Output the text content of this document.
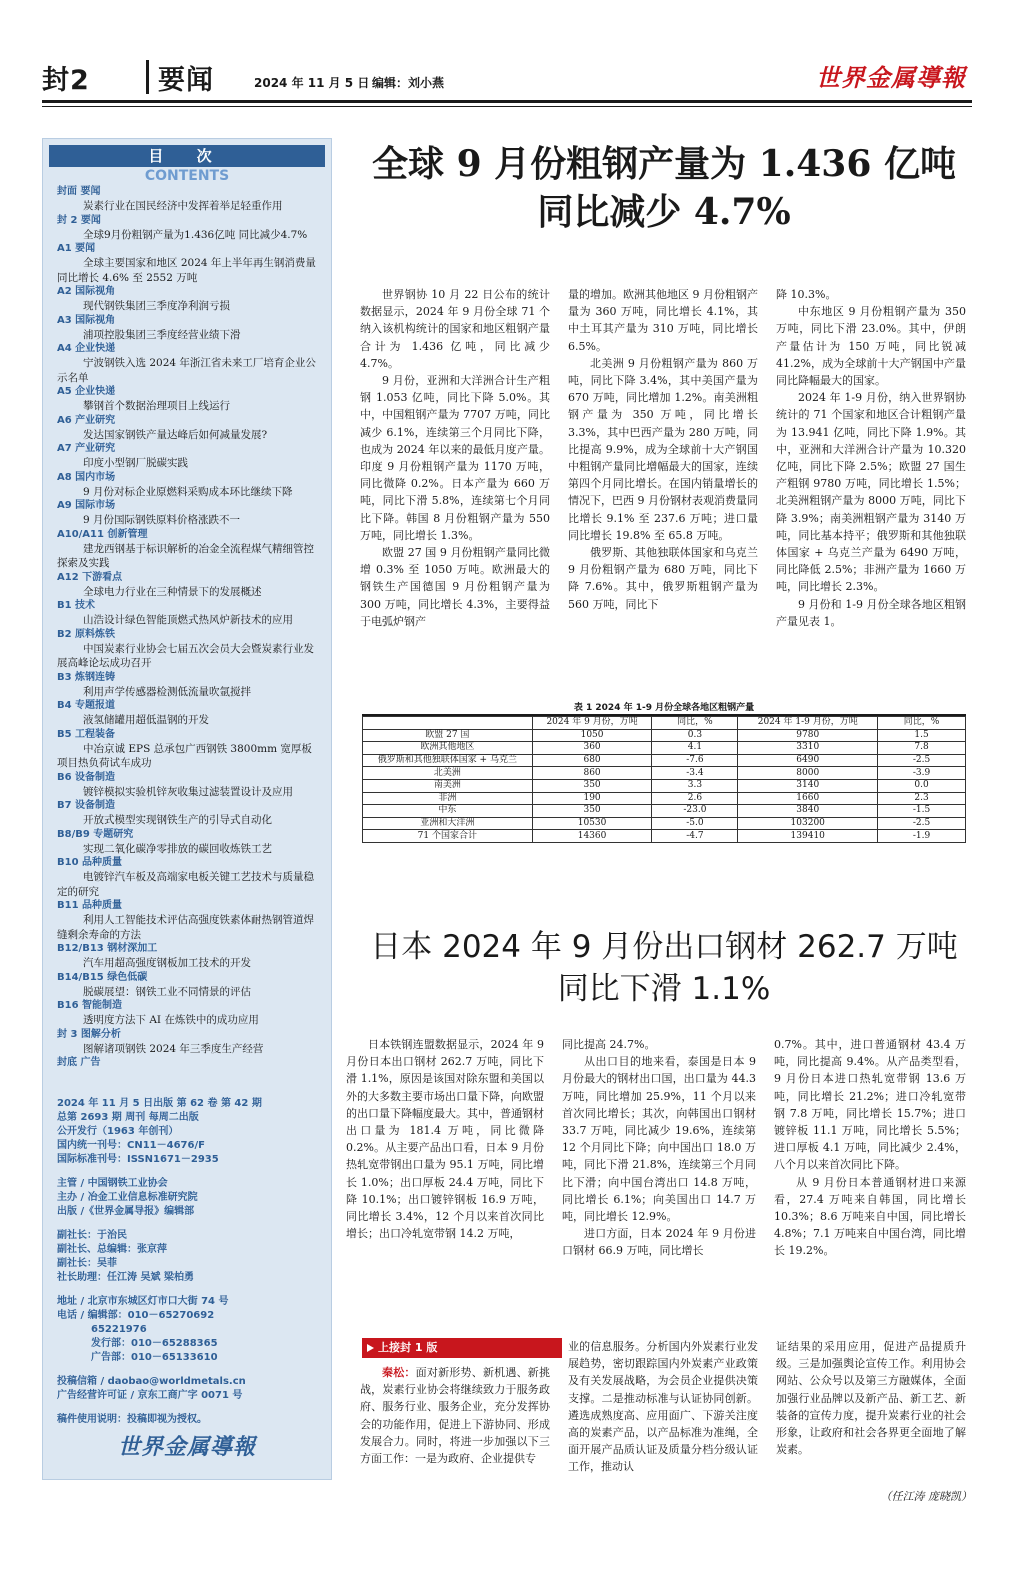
封2	要闻	2024 年 11 月 5 日 编辑：刘小燕	世界金属導報
目 次
CONTENTS
封面 要闻
炭素行业在国民经济中发挥着举足轻重作用
封 2 要闻
全球9月份粗钢产量为1.436亿吨 同比减少4.7%
A1 要闻
全球主要国家和地区 2024 年上半年再生钢消费量同比增长 4.6% 至 2552 万吨
A2 国际视角
现代钢铁集团三季度净利润亏损
A3 国际视角
浦项控股集团三季度经营业绩下滑
A4 企业快递
宁波钢铁入选 2024 年浙江省未来工厂培育企业公示名单
A5 企业快递
攀钢首个数据治理项目上线运行
A6 产业研究
发达国家钢铁产量达峰后如何减量发展?
A7 产业研究
印度小型钢厂脱碳实践
A8 国内市场
9 月份对标企业原燃料采购成本环比继续下降
A9 国际市场
9 月份国际钢铁原料价格涨跌不一
A10/A11 创新管理
建龙西钢基于标识解析的冶金全流程煤气精细管控探索及实践
A12 下游看点
全球电力行业在三种情景下的发展概述
B1 技术
山浩设计绿色智能顶燃式热风炉新技术的应用
B2 原料炼铁
中国炭素行业协会七届五次会员大会暨炭素行业发展高峰论坛成功召开
B3 炼钢连铸
利用声学传感器检测低流量吹氩搅拌
B4 专题报道
液氢储罐用超低温钢的开发
B5 工程装备
中冶京诚 EPS 总承包广西钢铁 3800mm 宽厚板项目热负荷试车成功
B6 设备制造
镀锌模拟实验机锌灰收集过滤装置设计及应用
B7 设备制造
开放式模型实现钢铁生产的引导式自动化
B8/B9 专题研究
实现二氧化碳净零排放的碳回收炼铁工艺
B10 品种质量
电镀锌汽车板及高端家电板关键工艺技术与质量稳定的研究
B11 品种质量
利用人工智能技术评估高强度铁素体耐热钢管道焊缝剩余寿命的方法
B12/B13 钢材深加工
汽车用超高强度钢板加工技术的开发
B14/B15 绿色低碳
脱碳展望：钢铁工业不同情景的评估
B16 智能制造
透明度方法下 AI 在炼铁中的成功应用
封 3 图解分析
图解诸项钢铁 2024 年三季度生产经营
封底 广告
2024 年 11 月 5 日出版 第 62 卷 第 42 期
总第 2693 期 周刊 每周二出版
公开发行（1963 年创刊）
国内统一刊号：CN11－4676/F
国际标准刊号：ISSN1671－2935
主管 / 中国钢铁工业协会
主办 / 冶金工业信息标准研究院
出版 /《世界金属导报》编辑部
副社长：于治民
副社长、总编辑：张京萍
副社长：吴菲
社长助理：任江涛 吴斌 梁柏勇
地址 / 北京市东城区灯市口大街 74 号
电话 / 编辑部：010－65270692
65221976
发行部：010－65288365
广告部：010－65133610
投稿信箱 / daobao@worldmetals.cn
广告经营许可证 / 京东工商广字 0071 号
稿件使用说明：投稿即视为授权。
世界金属導報
全球 9 月份粗钢产量为 1.436 亿吨
同比减少 4.7%

世界钢协 10 月 22 日公布的统计数据显示，2024 年 9 月份全球 71 个纳入该机构统计的国家和地区粗钢产量合计为 1.436 亿吨，同比减少 4.7%。

9 月份，亚洲和大洋洲合计生产粗钢 1.053 亿吨，同比下降 5.0%。其中，中国粗钢产量为 7707 万吨，同比减少 6.1%，连续第三个月同比下降，也成为 2024 年以来的最低月度产量。印度 9 月份粗钢产量为 1170 万吨，同比微降 0.2%。日本产量为 660 万吨，同比下滑 5.8%，连续第七个月同比下降。韩国 8 月份粗钢产量为 550 万吨，同比增长 1.3%。

欧盟 27 国 9 月份粗钢产量同比微增 0.3% 至 1050 万吨。欧洲最大的钢铁生产国德国 9 月份粗钢产量为 300 万吨，同比增长 4.3%，主要得益于电弧炉钢产

量的增加。欧洲其他地区 9 月份粗钢产量为 360 万吨，同比增长 4.1%，其中土耳其产量为 310 万吨，同比增长 6.5%。

北美洲 9 月份粗钢产量为 860 万吨，同比下降 3.4%，其中美国产量为 670 万吨，同比增加 1.2%。南美洲粗钢产量为 350 万吨，同比增长 3.3%，其中巴西产量为 280 万吨，同比提高 9.9%，成为全球前十大产钢国中粗钢产量同比增幅最大的国家，连续第四个月同比增长。在国内销量增长的情况下，巴西 9 月份钢材表观消费量同比增长 9.1% 至 237.6 万吨；进口量同比增长 19.8% 至 65.8 万吨。

俄罗斯、其他独联体国家和乌克兰 9 月份粗钢产量为 680 万吨，同比下降 7.6%。其中，俄罗斯粗钢产量为 560 万吨，同比下

降 10.3%。

中东地区 9 月份粗钢产量为 350 万吨，同比下滑 23.0%。其中，伊朗产量估计为 150 万吨，同比锐减 41.2%，成为全球前十大产钢国中产量同比降幅最大的国家。

2024 年 1-9 月份，纳入世界钢协统计的 71 个国家和地区合计粗钢产量为 13.941 亿吨，同比下降 1.9%。其中，亚洲和大洋洲合计产量为 10.320 亿吨，同比下降 2.5%；欧盟 27 国生产粗钢 9780 万吨，同比增长 1.5%；北美洲粗钢产量为 8000 万吨，同比下降 3.9%；南美洲粗钢产量为 3140 万吨，同比基本持平；俄罗斯和其他独联体国家 + 乌克兰产量为 6490 万吨，同比降低 2.5%；非洲产量为 1660 万吨，同比增长 2.3%。

9 月份和 1-9 月份全球各地区粗钢产量见表 1。

表 1 2024 年 1-9 月份全球各地区粗钢产量
	2024 年 9 月份，万吨	同比，%	2024 年 1-9 月份，万吨	同比，%
欧盟 27 国	1050	0.3	9780	1.5
欧洲其他地区	360	4.1	3310	7.8
俄罗斯和其他独联体国家 + 乌克兰	680	-7.6	6490	-2.5
北美洲	860	-3.4	8000	-3.9
南美洲	350	3.3	3140	0.0
非洲	190	2.6	1660	2.3
中东	350	-23.0	3840	-1.5
亚洲和大洋洲	10530	-5.0	103200	-2.5
71 个国家合计	14360	-4.7	139410	-1.9
日本 2024 年 9 月份出口钢材 262.7 万吨
同比下滑 1.1%

日本铁钢连盟数据显示，2024 年 9 月份日本出口钢材 262.7 万吨，同比下滑 1.1%，原因是该国对除东盟和美国以外的大多数主要市场出口量下降，向欧盟的出口量下降幅度最大。其中，普通钢材出口量为 181.4 万吨，同比微降 0.2%。从主要产品出口看，日本 9 月份热轧宽带钢出口量为 95.1 万吨，同比增长 1.0%；出口厚板 24.4 万吨，同比下降 10.1%；出口镀锌钢板 16.9 万吨，同比增长 3.4%，12 个月以来首次同比增长；出口冷轧宽带钢 14.2 万吨，

同比提高 24.7%。

从出口目的地来看，泰国是日本 9 月份最大的钢材出口国，出口量为 44.3 万吨，同比增加 25.9%，11 个月以来首次同比增长；其次，向韩国出口钢材 33.7 万吨，同比减少 19.6%，连续第 12 个月同比下降；向中国出口 18.0 万吨，同比下滑 21.8%，连续第三个月同比下滑；向中国台湾出口 14.8 万吨，同比增长 6.1%；向美国出口 14.7 万吨，同比增长 12.9%。

进口方面，日本 2024 年 9 月份进口钢材 66.9 万吨，同比增长

0.7%。其中，进口普通钢材 43.4 万吨，同比提高 9.4%。从产品类型看，9 月份日本进口热轧宽带钢 13.6 万吨，同比增长 21.2%；进口冷轧宽带钢 7.8 万吨，同比增长 15.7%；进口镀锌板 11.1 万吨，同比增长 5.5%；进口厚板 4.1 万吨，同比减少 2.4%，八个月以来首次同比下降。

从 9 月份日本普通钢材进口来源看，27.4 万吨来自韩国，同比增长 10.3%；8.6 万吨来自中国，同比增长 4.8%；7.1 万吨来自中国台湾，同比增长 19.2%。

上接封 1 版

秦松：面对新形势、新机遇、新挑战，炭素行业协会将继续致力于服务政府、服务行业、服务企业，充分发挥协会的功能作用，促进上下游协同、形成发展合力。同时，将进一步加强以下三方面工作：一是为政府、企业提供专

业的信息服务。分析国内外炭素行业发展趋势，密切跟踪国内外炭素产业政策及有关发展战略，为会员企业提供决策支撑。二是推动标准与认证协同创新。遴选成熟度高、应用面广、下游关注度高的炭素产品，以产品标准为准绳，全面开展产品质认证及质量分档分级认证工作，推动认

证结果的采用应用，促进产品提质升级。三是加强舆论宣传工作。利用协会网站、公众号以及第三方融媒体，全面加强行业品牌以及新产品、新工艺、新装备的宣传力度，提升炭素行业的社会形象，让政府和社会各界更全面地了解炭素。

（任江涛 庞晓凯）
